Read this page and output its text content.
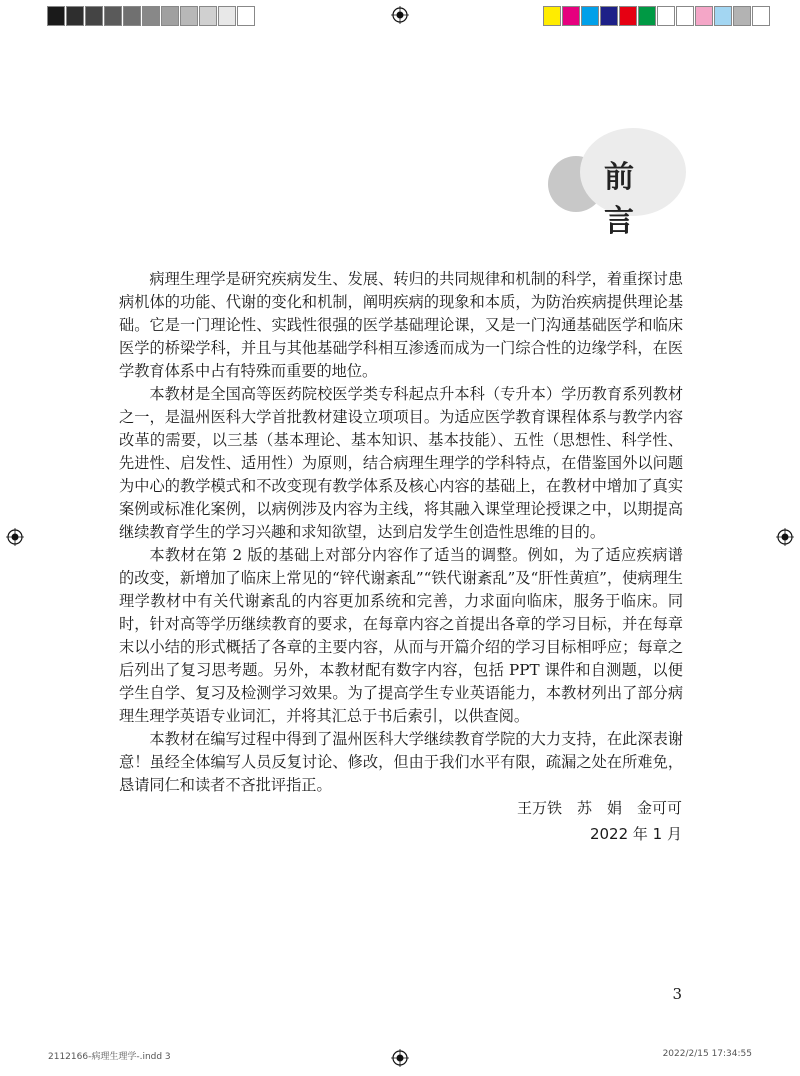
前言

病理生理学是研究疾病发生、发展、转归的共同规律和机制的科学，着重探讨患病机体的功能、代谢的变化和机制，阐明疾病的现象和本质，为防治疾病提供理论基础。它是一门理论性、实践性很强的医学基础理论课，又是一门沟通基础医学和临床医学的桥梁学科，并且与其他基础学科相互渗透而成为一门综合性的边缘学科，在医学教育体系中占有特殊而重要的地位。

本教材是全国高等医药院校医学类专科起点升本科（专升本）学历教育系列教材之一，是温州医科大学首批教材建设立项项目。为适应医学教育课程体系与教学内容改革的需要，以三基（基本理论、基本知识、基本技能）、五性（思想性、科学性、先进性、启发性、适用性）为原则，结合病理生理学的学科特点，在借鉴国外以问题为中心的教学模式和不改变现有教学体系及核心内容的基础上，在教材中增加了真实案例或标准化案例，以病例涉及内容为主线，将其融入课堂理论授课之中，以期提高继续教育学生的学习兴趣和求知欲望，达到启发学生创造性思维的目的。

本教材在第 2 版的基础上对部分内容作了适当的调整。例如，为了适应疾病谱的改变，新增加了临床上常见的“锌代谢紊乱”“铁代谢紊乱”及“肝性黄疸”，使病理生理学教材中有关代谢紊乱的内容更加系统和完善，力求面向临床，服务于临床。同时，针对高等学历继续教育的要求，在每章内容之首提出各章的学习目标，并在每章末以小结的形式概括了各章的主要内容，从而与开篇介绍的学习目标相呼应；每章之后列出了复习思考题。另外，本教材配有数字内容，包括 PPT 课件和自测题，以便学生自学、复习及检测学习效果。为了提高学生专业英语能力，本教材列出了部分病理生理学英语专业词汇，并将其汇总于书后索引，以供查阅。

本教材在编写过程中得到了温州医科大学继续教育学院的大力支持，在此深表谢意！虽经全体编写人员反复讨论、修改，但由于我们水平有限，疏漏之处在所难免，恳请同仁和读者不吝批评指正。

王万铁　苏　娟　金可可
2022 年 1 月
3
2112166-病理生理学-.indd 3	2022/2/15 17:34:55
